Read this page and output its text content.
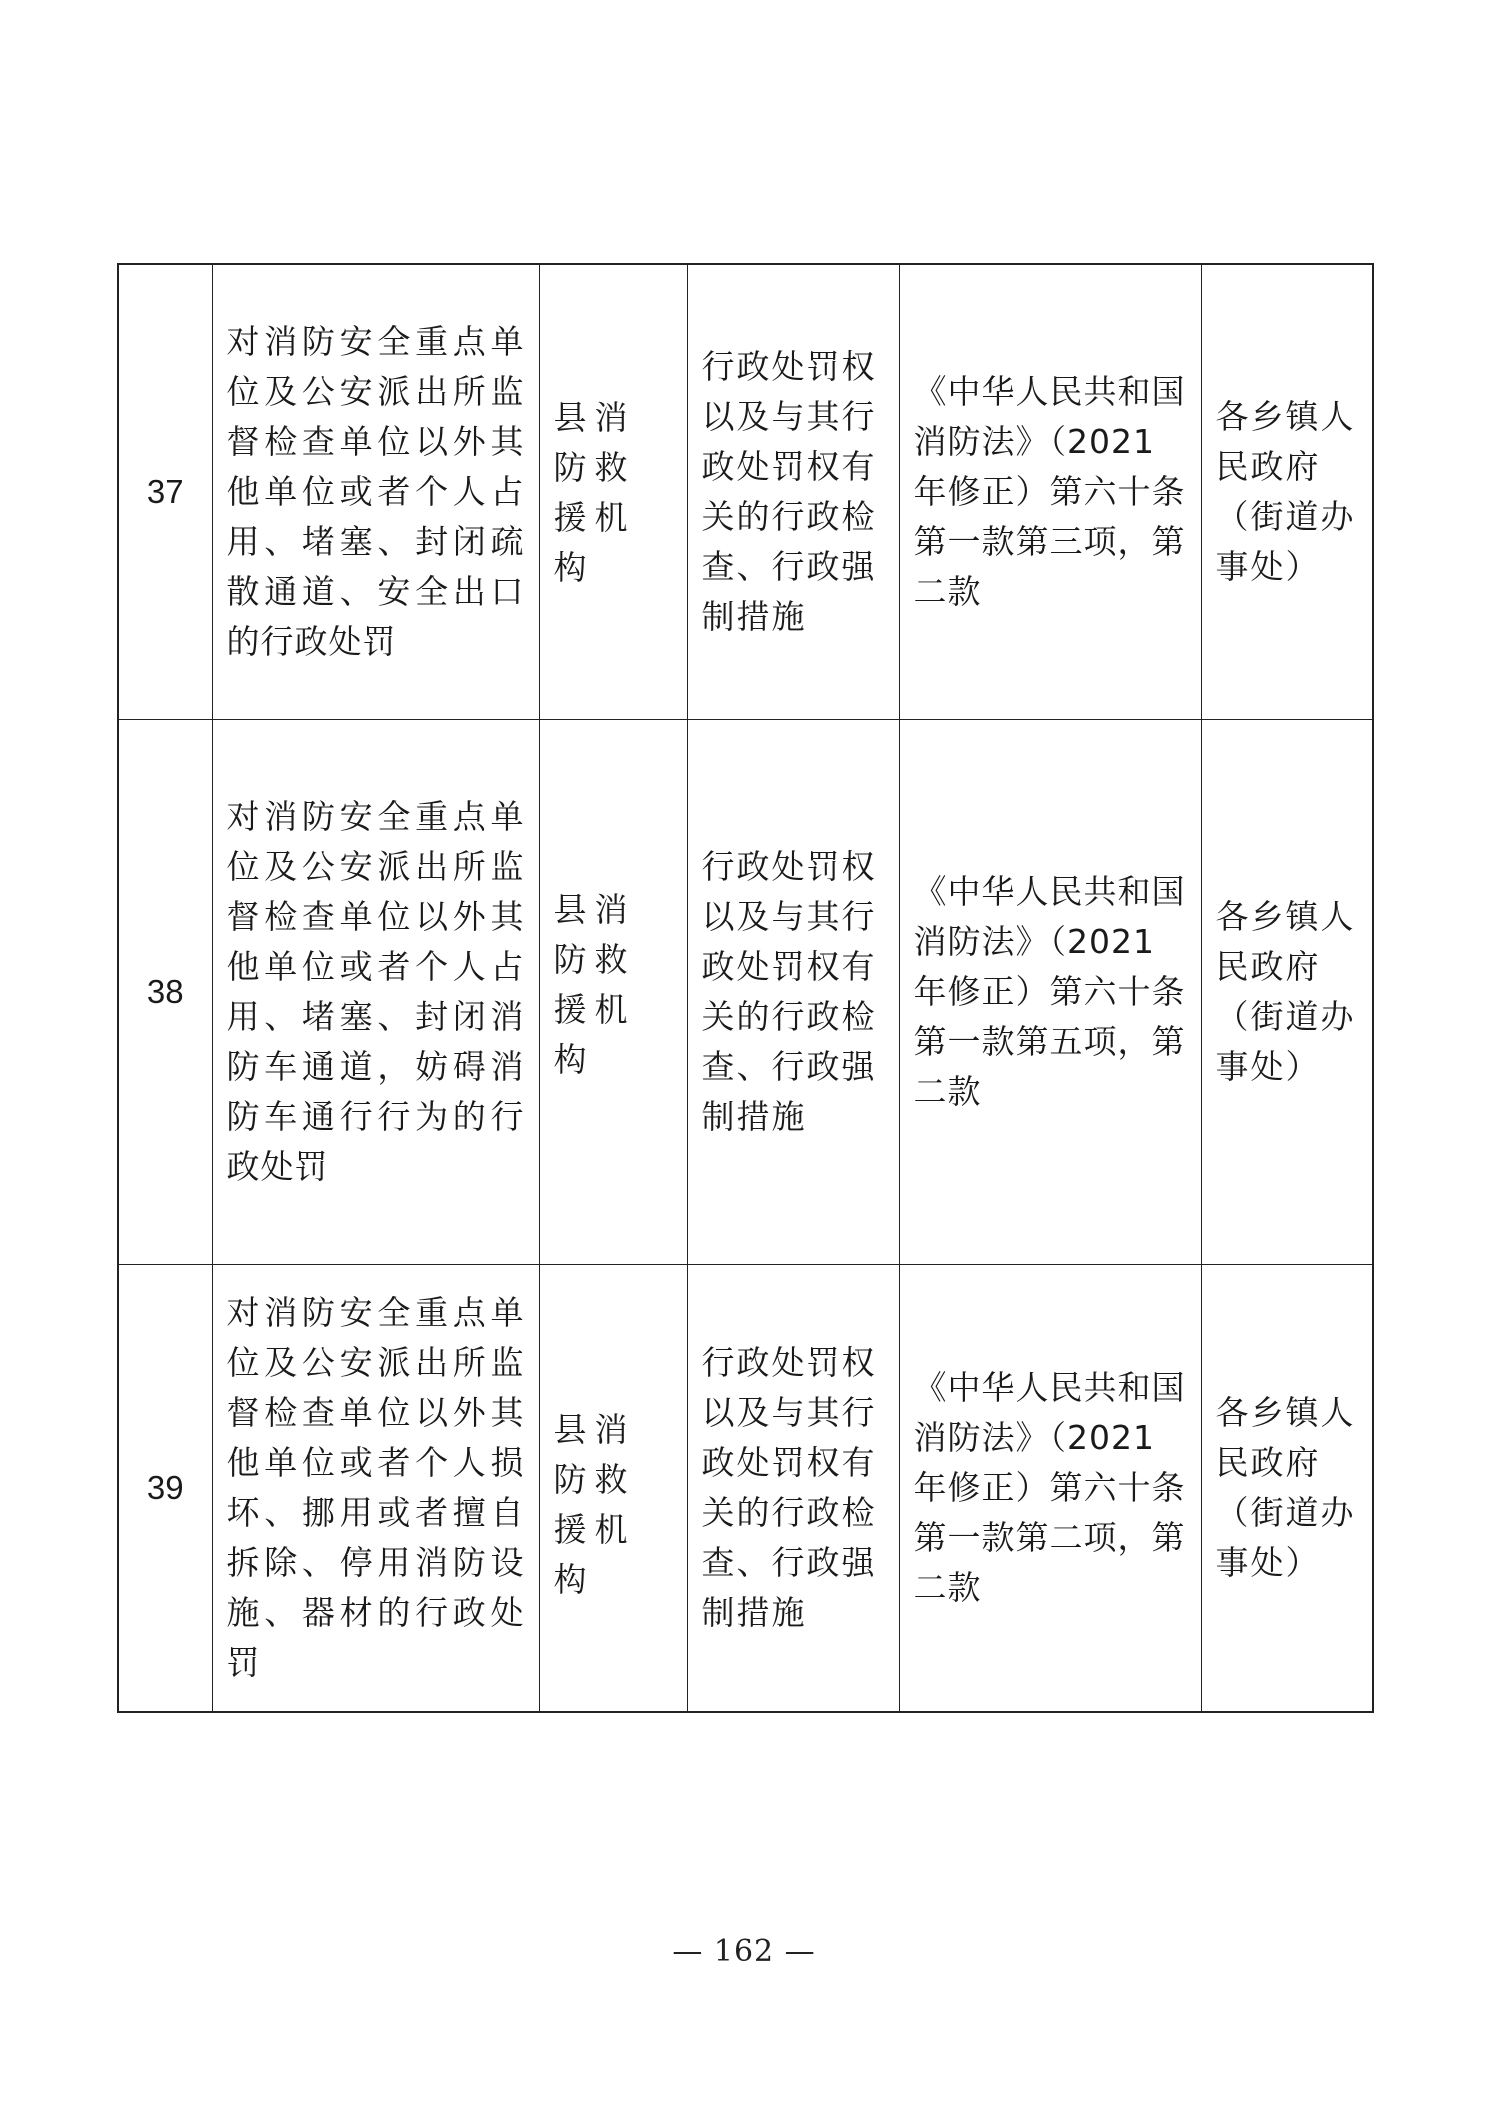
37	对消防安全重点单位及公安派出所监督检查单位以外其他单位或者个人占用、堵塞、封闭疏散通道、安全出口的行政处罚	县消防救援机构	行政处罚权以及与其行政处罚权有关的行政检查、行政强制措施	《中华人民共和国消防法》（2021年修正）第六十条第一款第三项，第二款	各乡镇人民政府（街道办事处）
38	对消防安全重点单位及公安派出所监督检查单位以外其他单位或者个人占用、堵塞、封闭消防车通道，妨碍消防车通行行为的行政处罚	县消防救援机构	行政处罚权以及与其行政处罚权有关的行政检查、行政强制措施	《中华人民共和国消防法》（2021年修正）第六十条第一款第五项，第二款	各乡镇人民政府（街道办事处）
39	对消防安全重点单位及公安派出所监督检查单位以外其他单位或者个人损坏、挪用或者擅自拆除、停用消防设施、器材的行政处罚	县消防救援机构	行政处罚权以及与其行政处罚权有关的行政检查、行政强制措施	《中华人民共和国消防法》（2021年修正）第六十条第一款第二项，第二款	各乡镇人民政府（街道办事处）
— 162 —
